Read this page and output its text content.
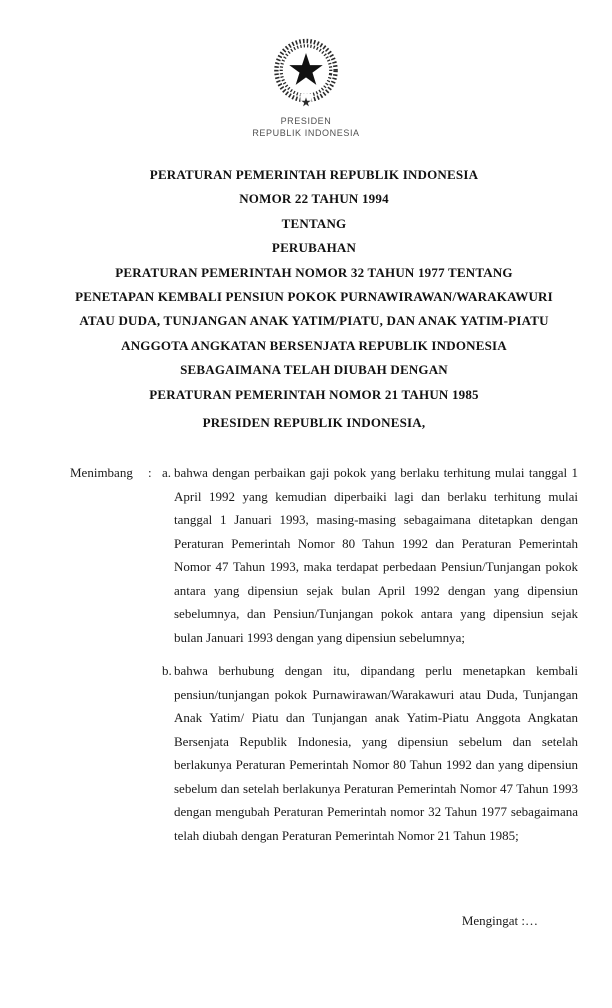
PRESIDEN
REPUBLIK INDONESIA
PERATURAN PEMERINTAH REPUBLIK INDONESIA
NOMOR 22 TAHUN 1994
TENTANG
PERUBAHAN
PERATURAN PEMERINTAH NOMOR 32 TAHUN 1977 TENTANG
PENETAPAN KEMBALI PENSIUN POKOK PURNAWIRAWAN/WARAKAWURI
ATAU DUDA, TUNJANGAN ANAK YATIM/PIATU, DAN ANAK YATIM-PIATU
ANGGOTA ANGKATAN BERSENJATA REPUBLIK INDONESIA
SEBAGAIMANA TELAH DIUBAH DENGAN
PERATURAN PEMERINTAH NOMOR 21 TAHUN 1985
PRESIDEN REPUBLIK INDONESIA,
Menimbang	: a. bahwa dengan perbaikan gaji pokok yang berlaku terhitung mulai tanggal 1 April 1992 yang kemudian diperbaiki lagi dan berlaku terhitung mulai tanggal 1 Januari 1993, masing-masing sebagaimana ditetapkan dengan Peraturan Pemerintah Nomor 80 Tahun 1992 dan Peraturan Pemerintah Nomor 47 Tahun 1993, maka terdapat perbedaan Pensiun/Tunjangan pokok antara yang dipensiun sejak bulan April 1992 dengan yang dipensiun sebelumnya, dan Pensiun/Tunjangan pokok antara yang dipensiun sejak bulan Januari 1993 dengan yang dipensiun sebelumnya;
b. bahwa berhubung dengan itu, dipandang perlu menetapkan kembali pensiun/tunjangan pokok Purnawirawan/Warakawuri atau Duda, Tunjangan Anak Yatim/ Piatu dan Tunjangan anak Yatim-Piatu Anggota Angkatan Bersenjata Republik Indonesia, yang dipensiun sebelum dan setelah berlakunya Peraturan Pemerintah Nomor 80 Tahun 1992 dan yang dipensiun sebelum dan setelah berlakunya Peraturan Pemerintah Nomor 47 Tahun 1993 dengan mengubah Peraturan Pemerintah nomor 32 Tahun 1977 sebagaimana telah diubah dengan Peraturan Pemerintah Nomor 21 Tahun 1985;
Mengingat :…
